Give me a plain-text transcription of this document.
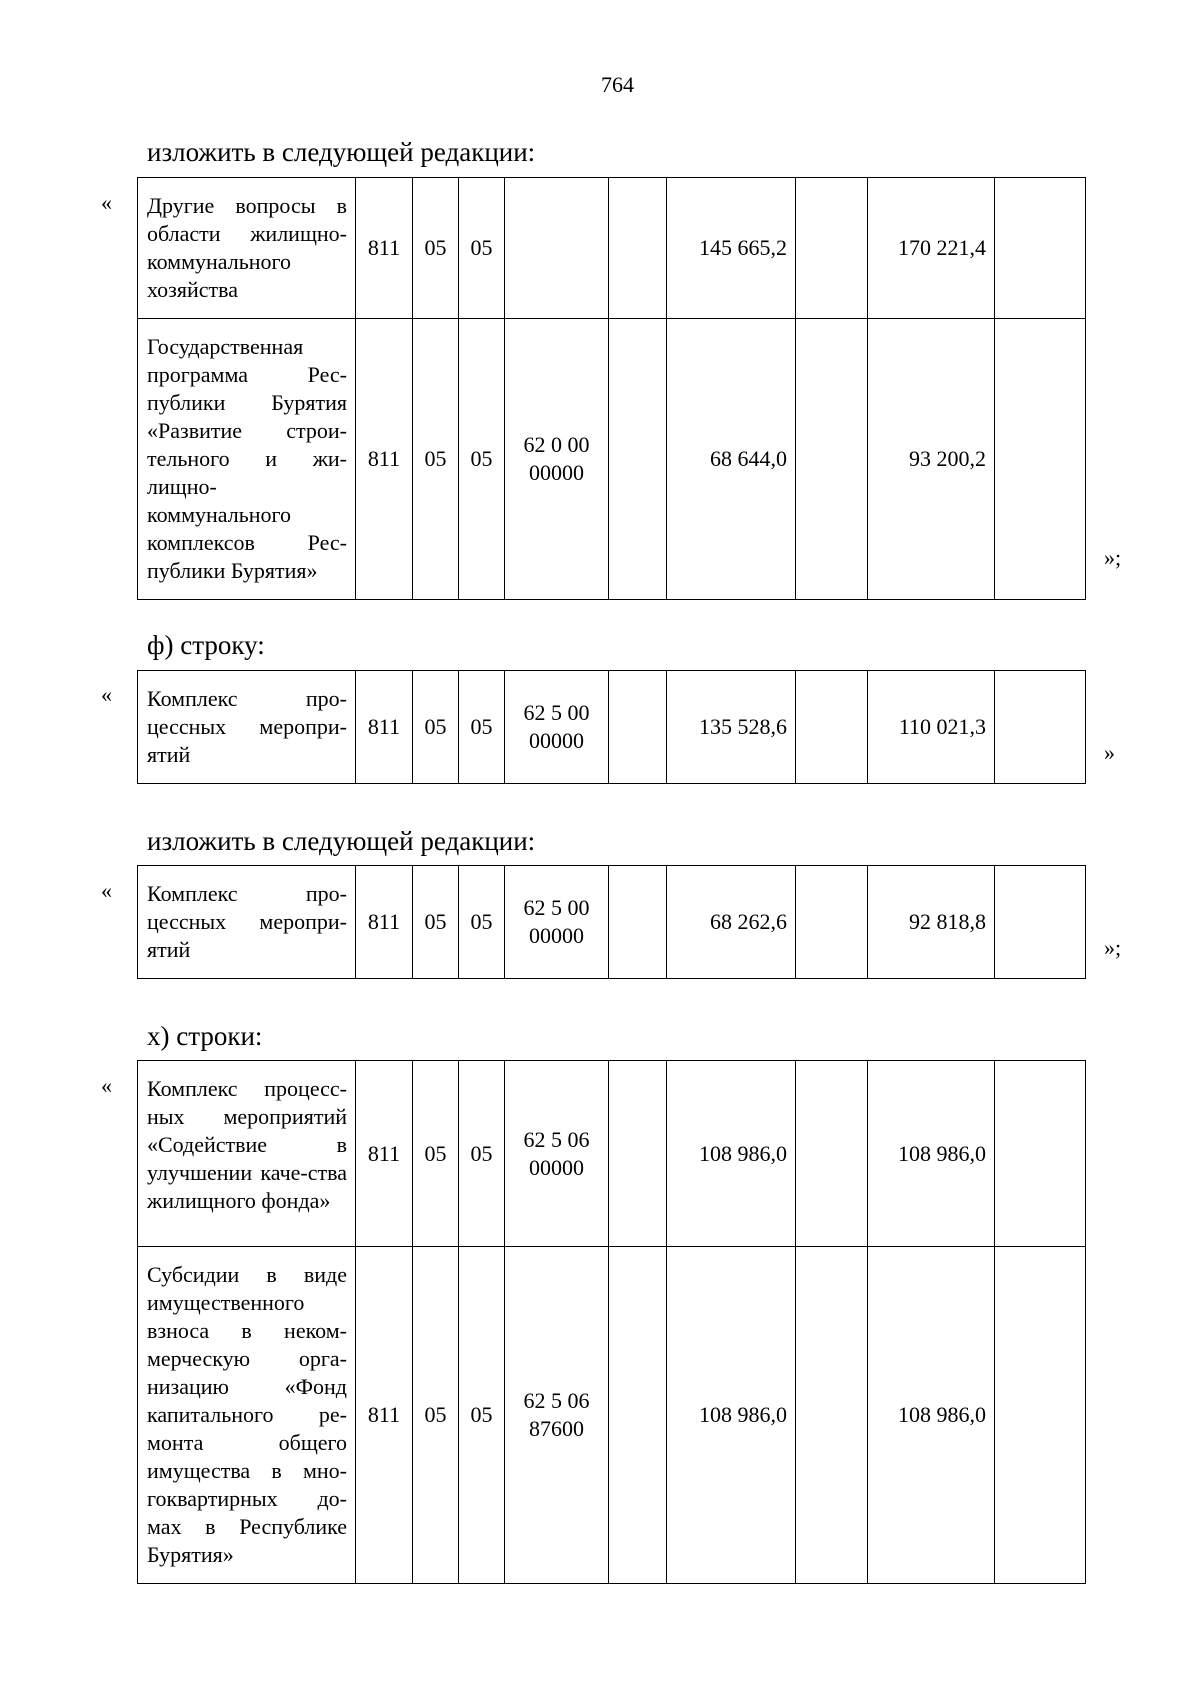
764
изложить в следующей редакции:
« Другие вопросы в области жилищно-коммунального хозяйства	811	05	05			145 665,2		170 221,4	
Государственная программа Рес-публики Бурятия «Развитие строи-тельного и жи-лищно-коммунального комплексов Рес-публики Бурятия»	811	05	05	62 0 00 00000		68 644,0		93 200,2	
»;
ф) строку:
« Комплекс про-цессных меропри-ятий	811	05	05	62 5 00 00000		135 528,6		110 021,3	
»
изложить в следующей редакции:
« Комплекс про-цессных меропри-ятий	811	05	05	62 5 00 00000		68 262,6		92 818,8	
»;
х) строки:
« Комплекс процесс-ных мероприятий «Содействие в улучшении каче-ства жилищного фонда»	811	05	05	62 5 06 00000		108 986,0		108 986,0	
Субсидии в виде имущественного взноса в неком-мерческую орга-низацию «Фонд капитального ре-монта общего имущества в мно-гоквартирных до-мах в Республике Бурятия»	811	05	05	62 5 06 87600		108 986,0		108 986,0	
